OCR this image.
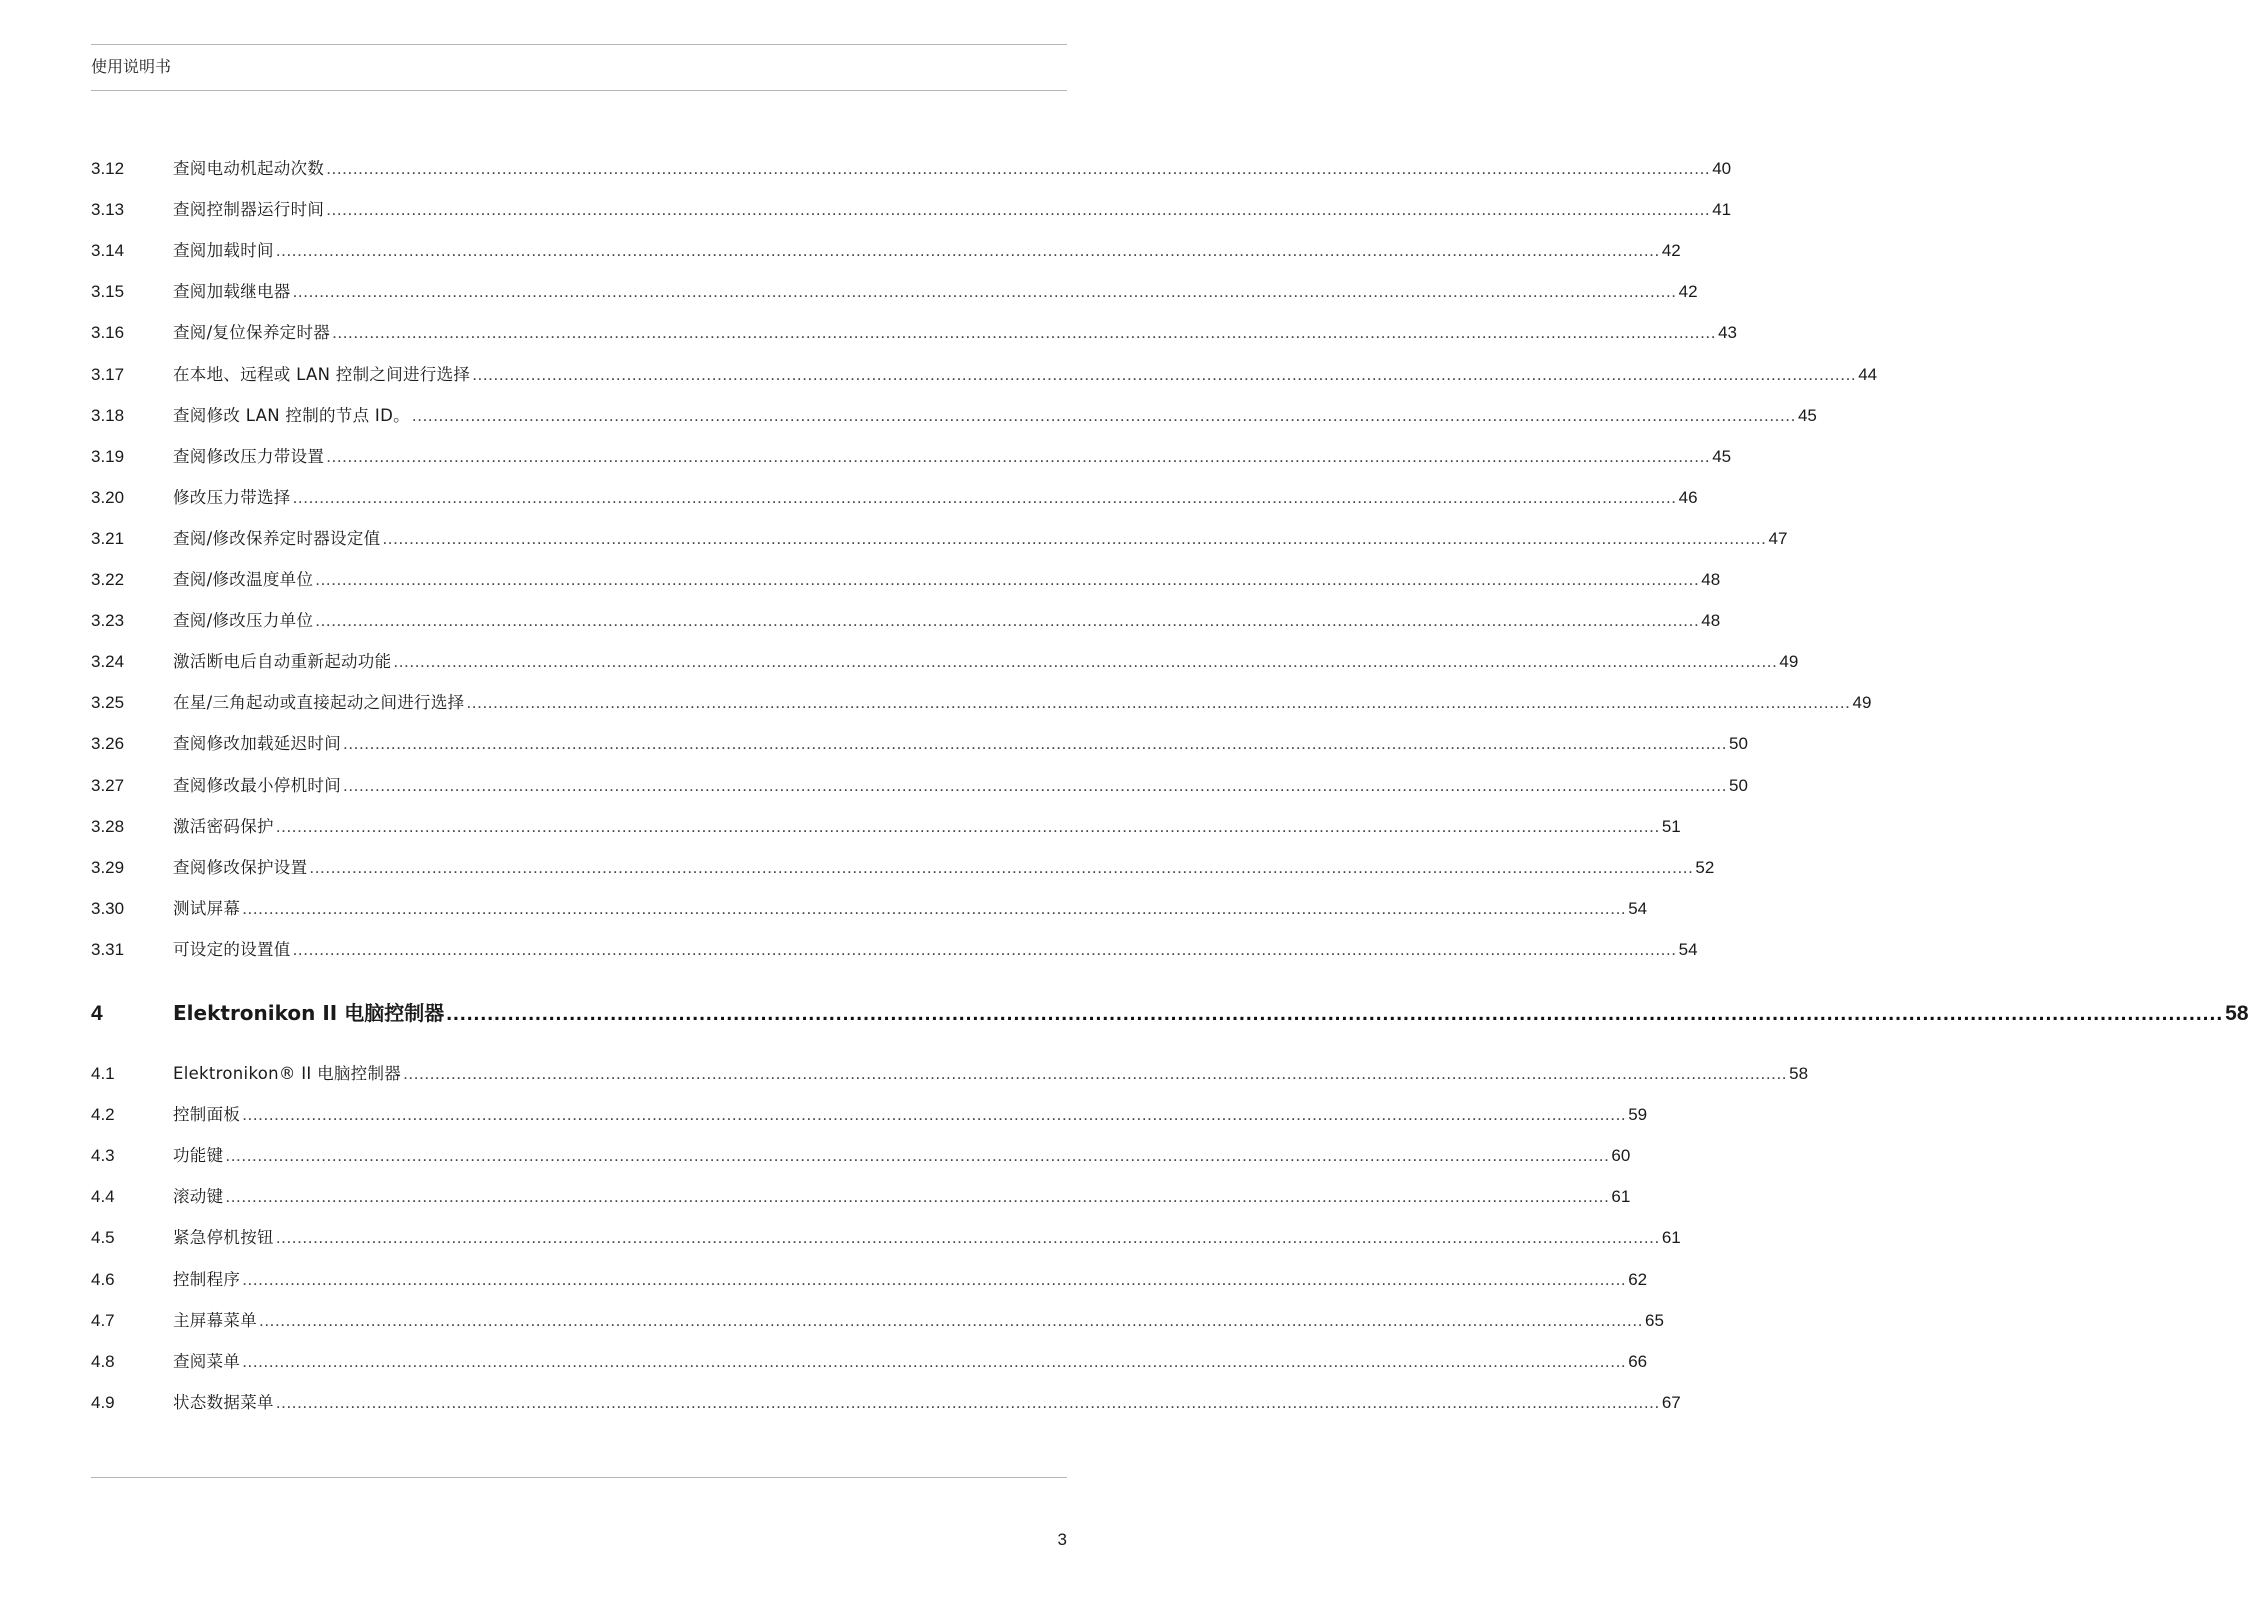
使用说明书
3.12	查阅电动机起动次数 .................................................................................................................................................................................................................................................................... 40
3.13	查阅控制器运行时间 .................................................................................................................................................................................................................................................................... 41
3.14	查阅加载时间 .................................................................................................................................................................................................................................................................... 42
3.15	查阅加载继电器 .................................................................................................................................................................................................................................................................... 42
3.16	查阅/复位保养定时器 .................................................................................................................................................................................................................................................................... 43
3.17	在本地、远程或 LAN 控制之间进行选择 .................................................................................................................................................................................................................................................................... 44
3.18	查阅修改 LAN 控制的节点 ID。 .................................................................................................................................................................................................................................................................... 45
3.19	查阅修改压力带设置 .................................................................................................................................................................................................................................................................... 45
3.20	修改压力带选择 .................................................................................................................................................................................................................................................................... 46
3.21	查阅/修改保养定时器设定值 .................................................................................................................................................................................................................................................................... 47
3.22	查阅/修改温度单位 .................................................................................................................................................................................................................................................................... 48
3.23	查阅/修改压力单位 .................................................................................................................................................................................................................................................................... 48
3.24	激活断电后自动重新起动功能 .................................................................................................................................................................................................................................................................... 49
3.25	在星/三角起动或直接起动之间进行选择 .................................................................................................................................................................................................................................................................... 49
3.26	查阅修改加载延迟时间 .................................................................................................................................................................................................................................................................... 50
3.27	查阅修改最小停机时间 .................................................................................................................................................................................................................................................................... 50
3.28	激活密码保护 .................................................................................................................................................................................................................................................................... 51
3.29	查阅修改保护设置 .................................................................................................................................................................................................................................................................... 52
3.30	测试屏幕 .................................................................................................................................................................................................................................................................... 54
3.31	可设定的设置值 .................................................................................................................................................................................................................................................................... 54
4	Elektronikon II 电脑控制器 .................................................................................................................................................................................................................................................................... 58
4.1	Elektronikon® II 电脑控制器 .................................................................................................................................................................................................................................................................... 58
4.2	控制面板 .................................................................................................................................................................................................................................................................... 59
4.3	功能键 .................................................................................................................................................................................................................................................................... 60
4.4	滚动键 .................................................................................................................................................................................................................................................................... 61
4.5	紧急停机按钮 .................................................................................................................................................................................................................................................................... 61
4.6	控制程序 .................................................................................................................................................................................................................................................................... 62
4.7	主屏幕菜单 .................................................................................................................................................................................................................................................................... 65
4.8	查阅菜单 .................................................................................................................................................................................................................................................................... 66
4.9	状态数据菜单 .................................................................................................................................................................................................................................................................... 67
3
